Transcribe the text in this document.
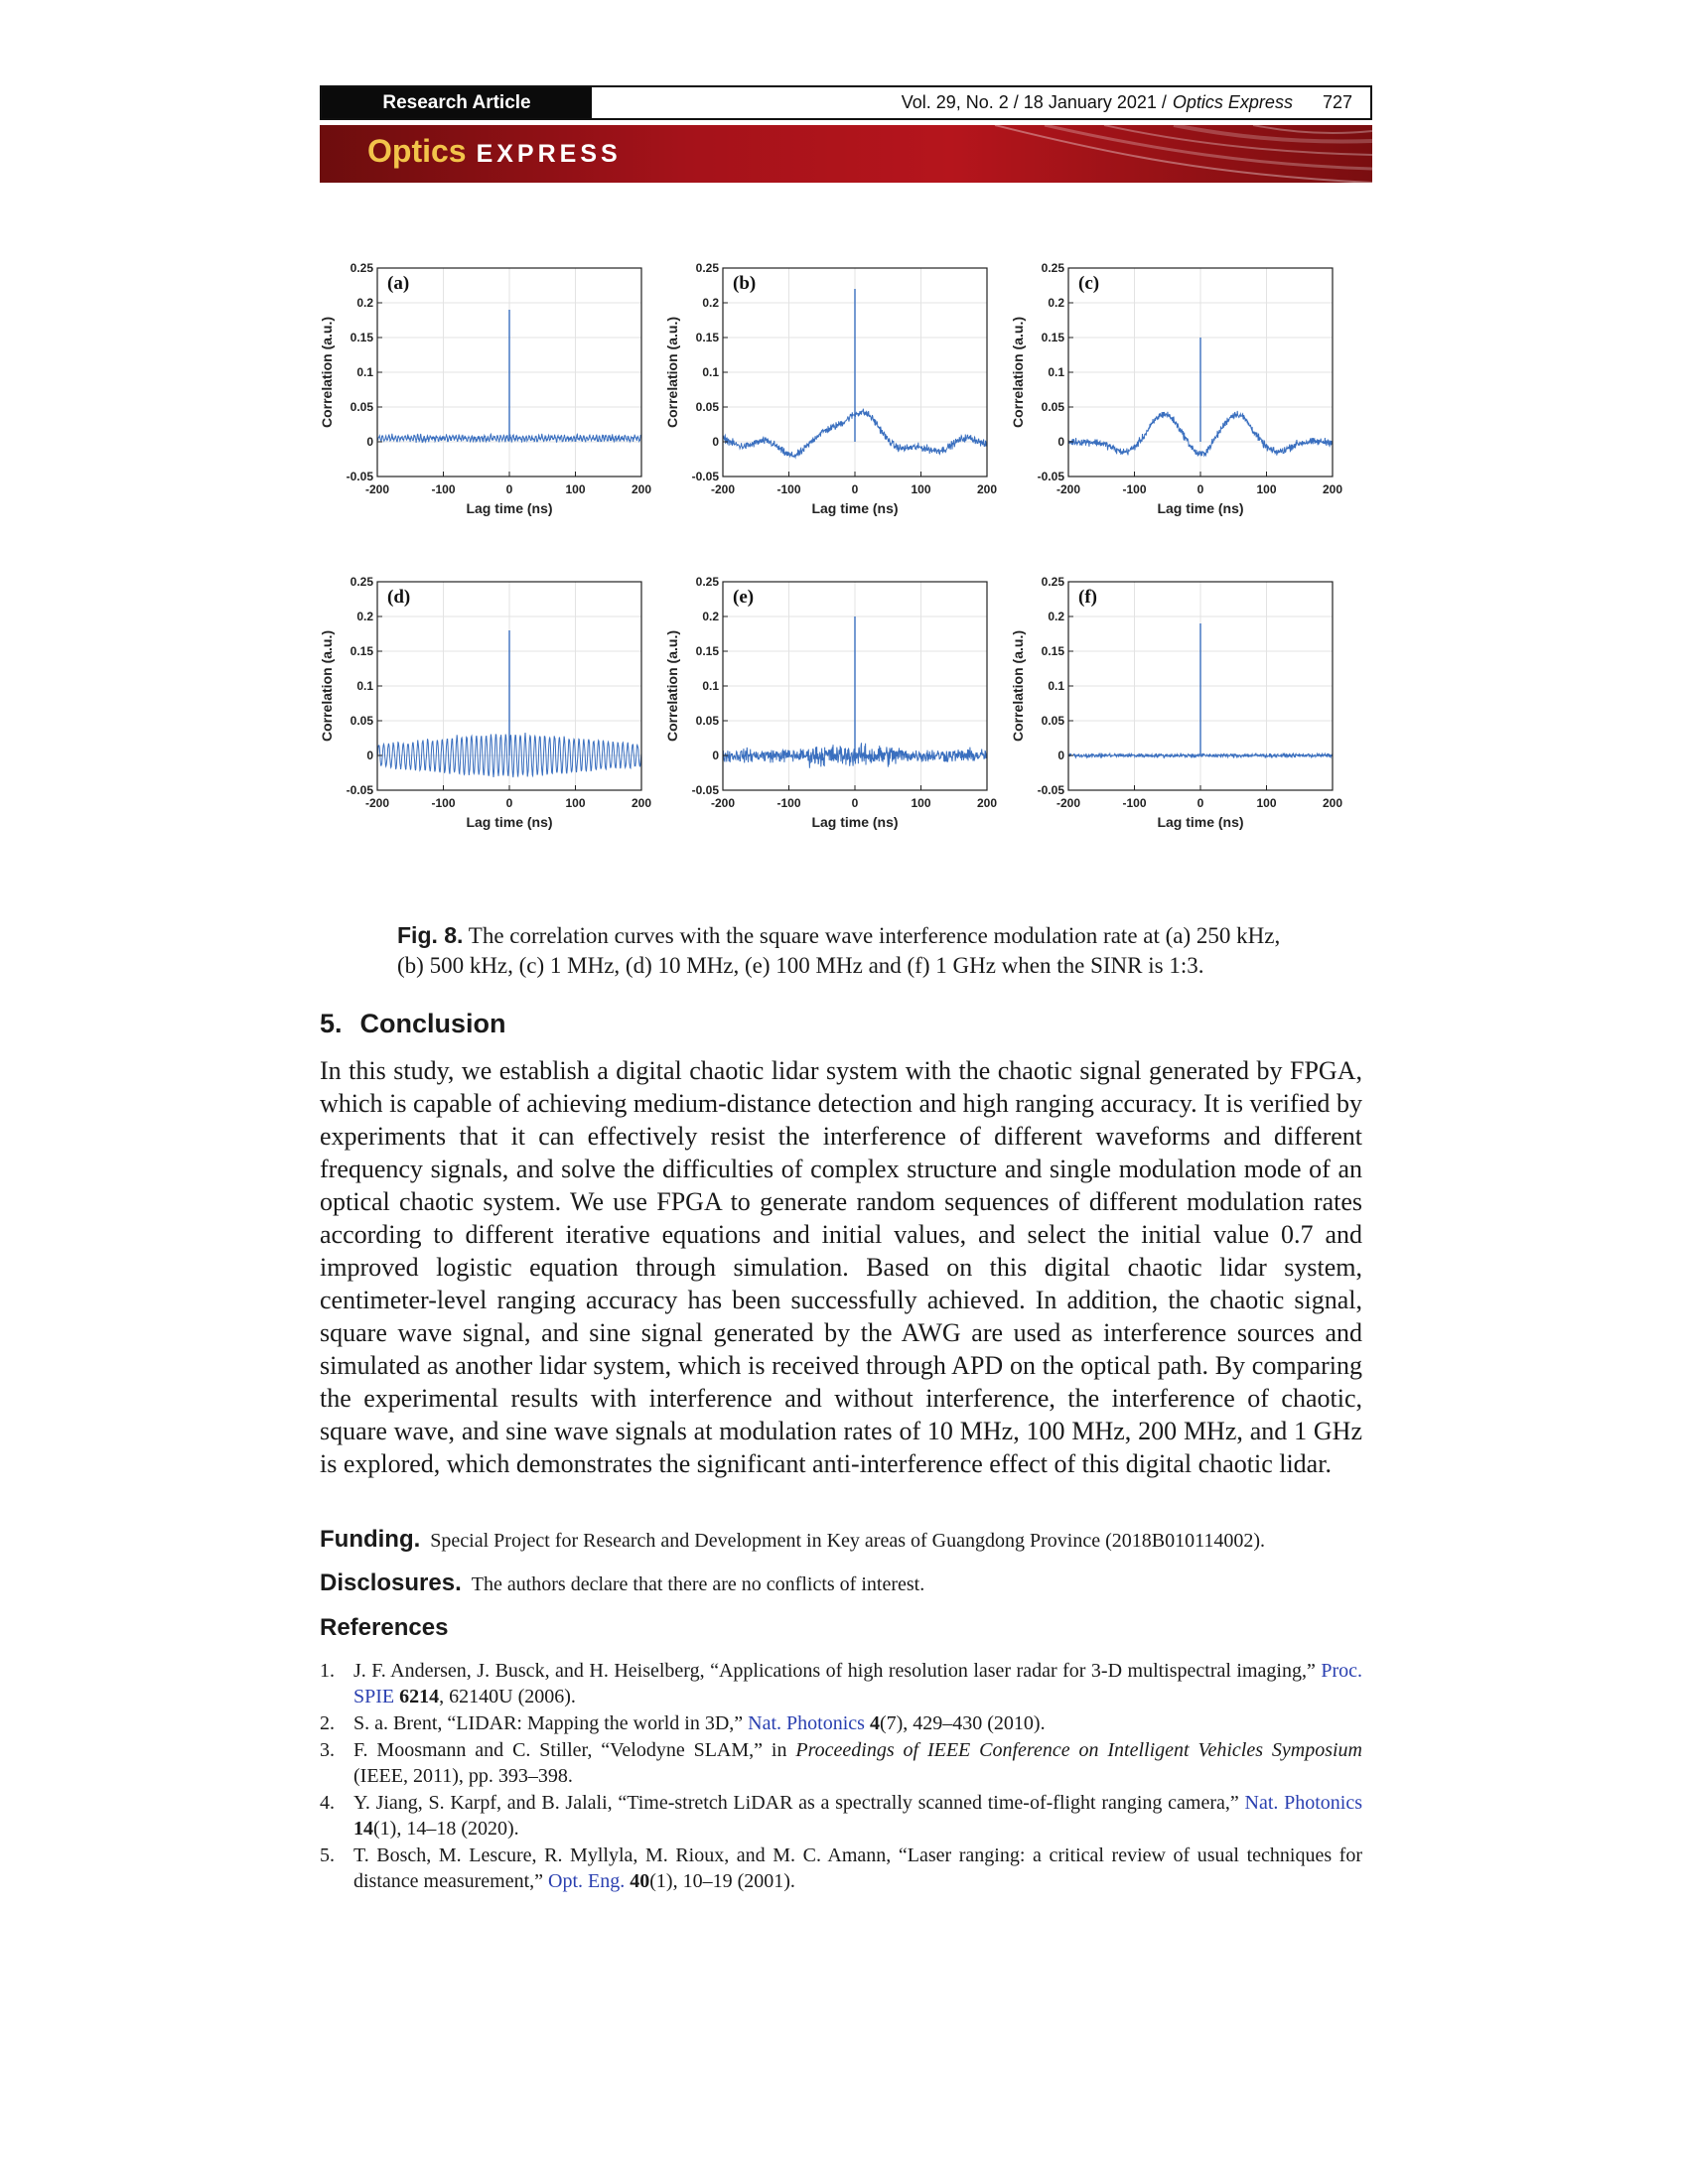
Research Article	Vol. 29, No. 2 / 18 January 2021 / Optics Express 727
Optics EXPRESS
-200	-100	0	100	200
-0.05
0
0.05
0.1
0.15
0.2
0.25
Lag time (ns)
Correlation (a.u.)
(a)
-200	-100	0	100	200
-0.05
0
0.05
0.1
0.15
0.2
0.25
Lag time (ns)
Correlation (a.u.)
(b)
-200	-100	0	100	200
-0.05
0
0.05
0.1
0.15
0.2
0.25
Lag time (ns)
Correlation (a.u.)
(c)
-200	-100	0	100	200
-0.05
0
0.05
0.1
0.15
0.2
0.25
Lag time (ns)
Correlation (a.u.)
(d)
-200	-100	0	100	200
-0.05
0
0.05
0.1
0.15
0.2
0.25
Lag time (ns)
Correlation (a.u.)
(e)
-200	-100	0	100	200
-0.05
0
0.05
0.1
0.15
0.2
0.25
Lag time (ns)
Correlation (a.u.)
(f)

Fig. 8. The correlation curves with the square wave interference modulation rate at (a) 250 kHz, (b) 500 kHz, (c) 1 MHz, (d) 10 MHz, (e) 100 MHz and (f) 1 GHz when the SINR is 1:3.

5. Conclusion

In this study, we establish a digital chaotic lidar system with the chaotic signal generated by FPGA, which is capable of achieving medium-distance detection and high ranging accuracy. It is verified by experiments that it can effectively resist the interference of different waveforms and different frequency signals, and solve the difficulties of complex structure and single modulation mode of an optical chaotic system. We use FPGA to generate random sequences of different modulation rates according to different iterative equations and initial values, and select the initial value 0.7 and improved logistic equation through simulation. Based on this digital chaotic lidar system, centimeter-level ranging accuracy has been successfully achieved. In addition, the chaotic signal, square wave signal, and sine signal generated by the AWG are used as interference sources and simulated as another lidar system, which is received through APD on the optical path. By comparing the experimental results with interference and without interference, the interference of chaotic, square wave, and sine wave signals at modulation rates of 10 MHz, 100 MHz, 200 MHz, and 1 GHz is explored, which demonstrates the significant anti-interference effect of this digital chaotic lidar.

Funding. Special Project for Research and Development in Key areas of Guangdong Province (2018B010114002).

Disclosures. The authors declare that there are no conflicts of interest.

References
1. J. F. Andersen, J. Busck, and H. Heiselberg, “Applications of high resolution laser radar for 3-D multispectral imaging,” Proc. SPIE 6214, 62140U (2006).
2. S. a. Brent, “LIDAR: Mapping the world in 3D,” Nat. Photonics 4(7), 429–430 (2010).
3. F. Moosmann and C. Stiller, “Velodyne SLAM,” in Proceedings of IEEE Conference on Intelligent Vehicles Symposium (IEEE, 2011), pp. 393–398.
4. Y. Jiang, S. Karpf, and B. Jalali, “Time-stretch LiDAR as a spectrally scanned time-of-flight ranging camera,” Nat. Photonics 14(1), 14–18 (2020).
5. T. Bosch, M. Lescure, R. Myllyla, M. Rioux, and M. C. Amann, “Laser ranging: a critical review of usual techniques for distance measurement,” Opt. Eng. 40(1), 10–19 (2001).
